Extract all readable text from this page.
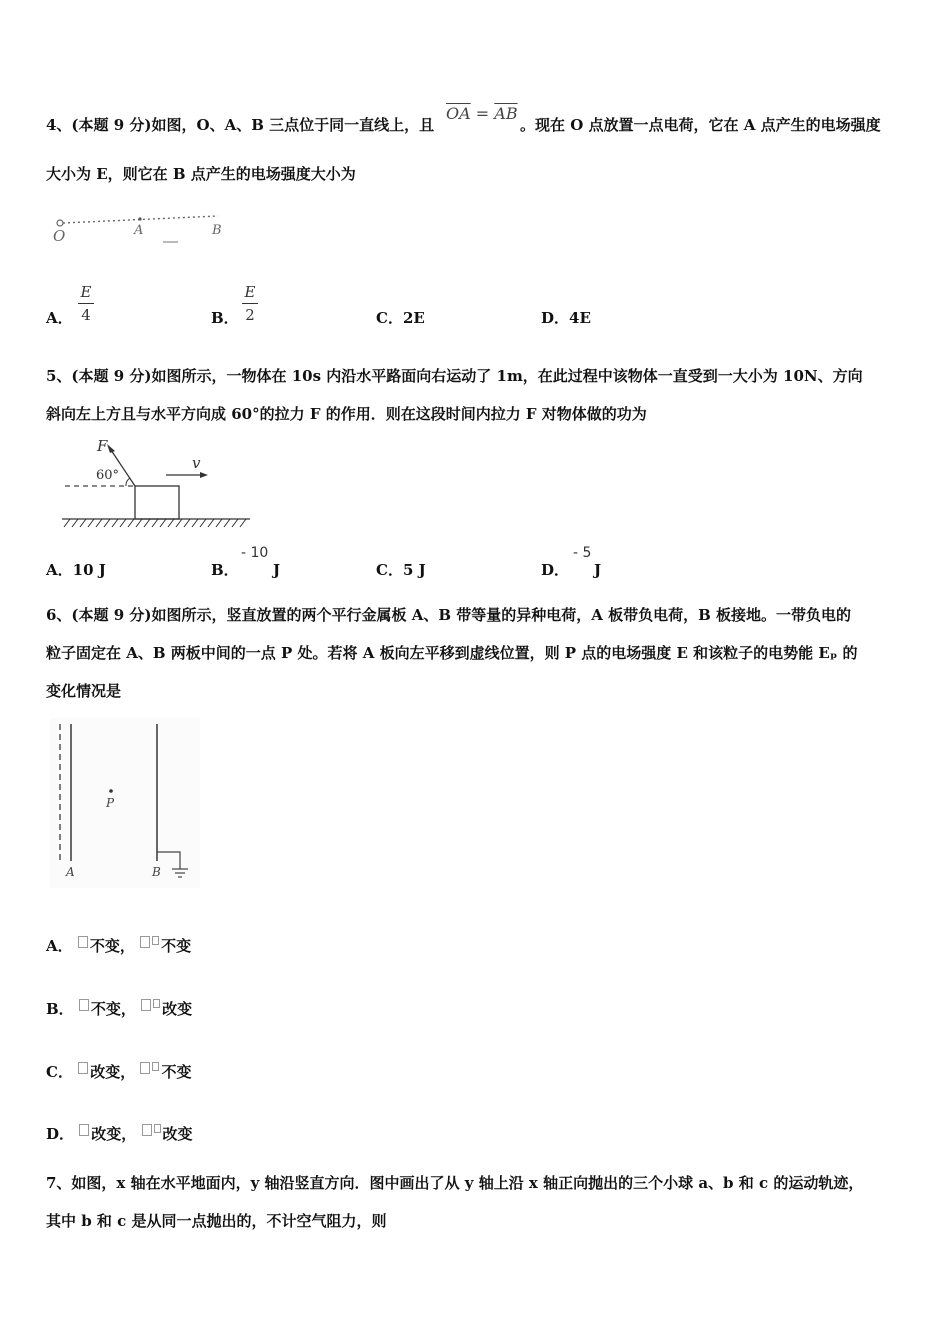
4、(本题 9 分)如图，O、A、B 三点位于同一直线上，且
$\overline{OA} = \overline{AB}$
。现在 O 点放置一点电荷，它在 A 点产生的电场强度
大小为 E，则它在 B 点产生的电场强度大小为
O	A	B
A．
E
4	B．
E
2	C．2E	D．4E
5、(本题 9 分)如图所示，一物体在 10s 内沿水平路面向右运动了 1m，在此过程中该物体一直受到一大小为 10N、方向
斜向左上方且与水平方向成 60°的拉力 F 的作用．则在这段时间内拉力 F 对物体做的功为
F
60°
v
A．10 J	B．
- 10
J	C．5 J	D．
- 5
J
6、(本题 9 分)如图所示，竖直放置的两个平行金属板 A、B 带等量的异种电荷，A 板带负电荷，B 板接地。一带负电的
粒子固定在 A、B 两板中间的一点 P 处。若将 A 板向左平移到虚线位置，则 P 点的电场强度 E 和该粒子的电势能 Eₚ 的
变化情况是
P
A	B
A． 不变， 不变
B． 不变， 改变
C． 改变， 不变
D． 改变， 改变
7、如图，x 轴在水平地面内，y 轴沿竖直方向．图中画出了从 y 轴上沿 x 轴正向抛出的三个小球 a、b 和 c 的运动轨迹，
其中 b 和 c 是从同一点抛出的，不计空气阻力，则
